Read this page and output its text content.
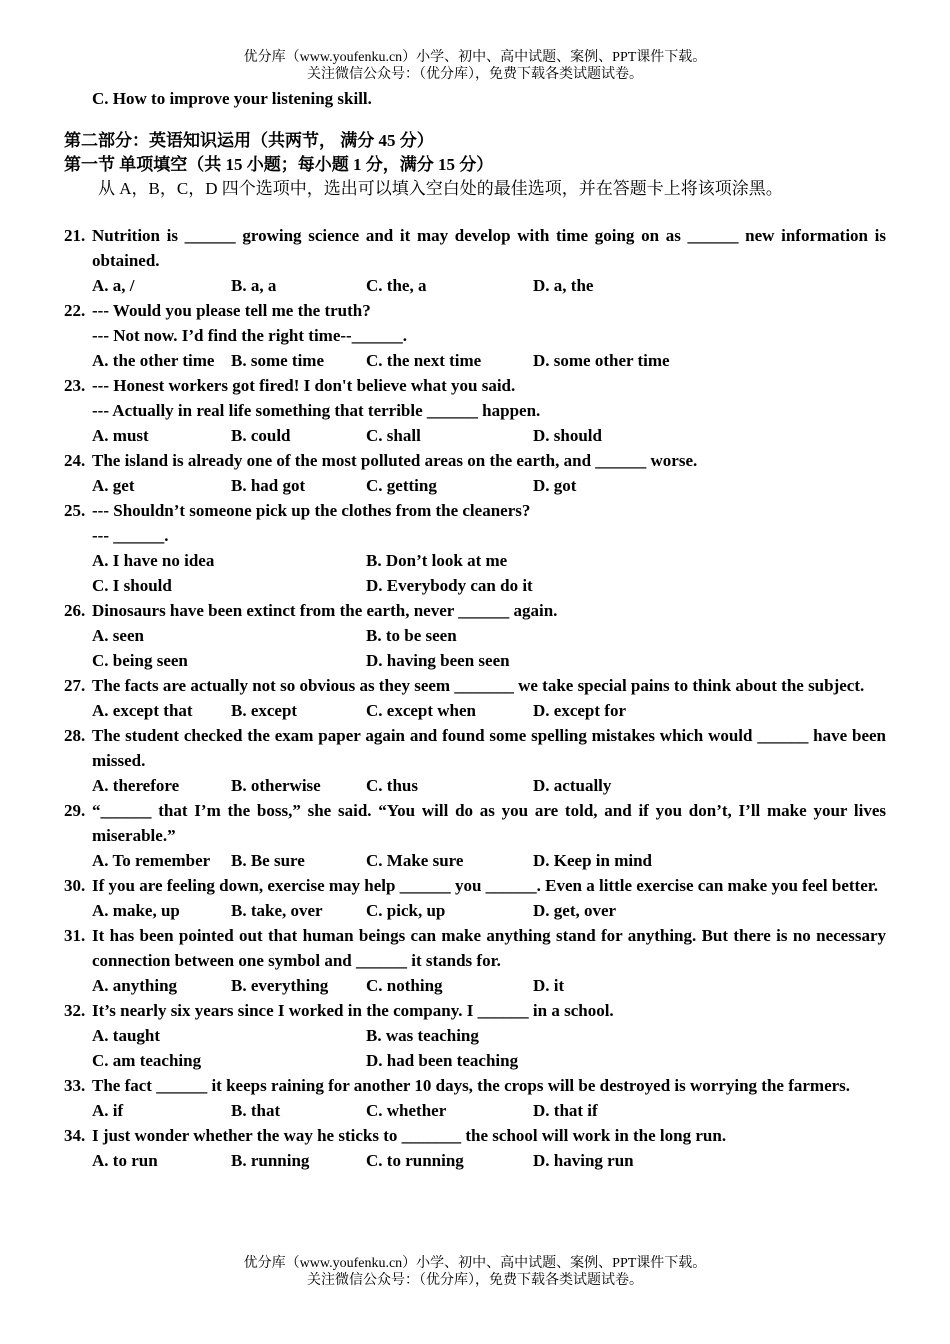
优分库（www.youfenku.cn）小学、初中、高中试题、案例、PPT课件下载。
关注微信公众号：（优分库），免费下载各类试题试卷。
C. How to improve your listening skill.
第二部分：英语知识运用（共两节， 满分 45 分）
第一节 单项填空（共 15 小题；每小题 1 分，满分 15 分）
从 A，B，C，D 四个选项中，选出可以填入空白处的最佳选项，并在答题卡上将该项涂黑。
21. Nutrition is ______ growing science and it may develop with time going on as ______ new information is obtained.
A. a, /	B. a, a	C. the, a	D. a, the
22. --- Would you please tell me the truth?
--- Not now. I’d find the right time--______.
A. the other time B. some time	C. the next time	D. some other time
23. --- Honest workers got fired! I don't believe what you said.
--- Actually in real life something that terrible ______ happen.
A. must	B. could	C. shall	D. should
24. The island is already one of the most polluted areas on the earth, and ______ worse.
A. get	B. had got	C. getting	D. got
25. --- Shouldn’t someone pick up the clothes from the cleaners?
--- ______.
A. I have no idea	B. Don’t look at me
C. I should	D. Everybody can do it
26. Dinosaurs have been extinct from the earth, never ______ again.
A. seen	B. to be seen
C. being seen	D. having been seen
27. The facts are actually not so obvious as they seem _______ we take special pains to think about the subject.
A. except that	B. except	C. except when	D. except for
28. The student checked the exam paper again and found some spelling mistakes which would ______ have been missed.
A. therefore	B. otherwise	C. thus	D. actually
29. “______ that I’m the boss,” she said. “You will do as you are told, and if you don’t, I’ll make your lives miserable.”
A. To remember	B. Be sure	C. Make sure	D. Keep in mind
30. If you are feeling down, exercise may help ______ you ______. Even a little exercise can make you feel better.
A. make, up	B. take, over	C. pick, up	D. get, over
31. It has been pointed out that human beings can make anything stand for anything. But there is no necessary connection between one symbol and ______ it stands for.
A. anything	B. everything	C. nothing	D. it
32. It’s nearly six years since I worked in the company. I ______ in a school.
A. taught	B. was teaching
C. am teaching	D. had been teaching
33. The fact ______ it keeps raining for another 10 days, the crops will be destroyed is worrying the farmers.
A. if	B. that	C. whether	D. that if
34. I just wonder whether the way he sticks to _______ the school will work in the long run.
A. to run	B. running	C. to running	D. having run
优分库（www.youfenku.cn）小学、初中、高中试题、案例、PPT课件下载。
关注微信公众号：（优分库），免费下载各类试题试卷。
